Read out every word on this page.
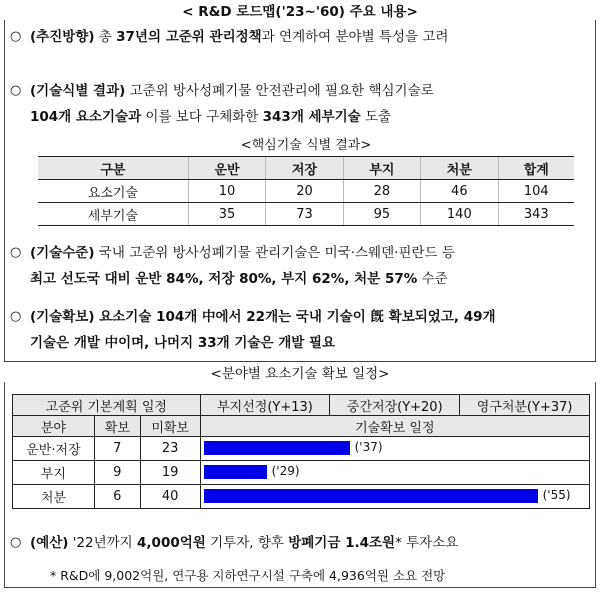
< R&D 로드맵('23~'60) 주요 내용>
○ (추진방향) 총 37년의 고준위 관리정책과 연계하여 분야별 특성을 고려
○ (기술식별 결과) 고준위 방사성폐기물 안전관리에 필요한 핵심기술로
104개 요소기술과 이를 보다 구체화한 343개 세부기술 도출
<핵심기술 식별 결과>
구분	운반	저장	부지	처분	합계
요소기술	10	20	28	46	104
세부기술	35	73	95	140	343
○ (기술수준) 국내 고준위 방사성폐기물 관리기술은 미국·스웨덴·핀란드 등
최고 선도국 대비 운반 84%, 저장 80%, 부지 62%, 처분 57% 수준
○ (기술확보) 요소기술 104개 中에서 22개는 국내 기술이 旣 확보되었고, 49개
기술은 개발 中이며, 나머지 33개 기술은 개발 필요
<분야별 요소기술 확보 일정>
고준위 기본계획 일정			부지선정(Y+13)	중간저장(Y+20)	영구처분(Y+37)
분야	확보	미확보	기술확보 일정		
운반·저장	7	23	('37)		

부지	9	19	('29)		

처분	6	40	('55)		
○ (예산) '22년까지 4,000억원 기투자, 향후 방폐기금 1.4조원* 투자소요
* R&D에 9,002억원, 연구용 지하연구시설 구축에 4,936억원 소요 전망
